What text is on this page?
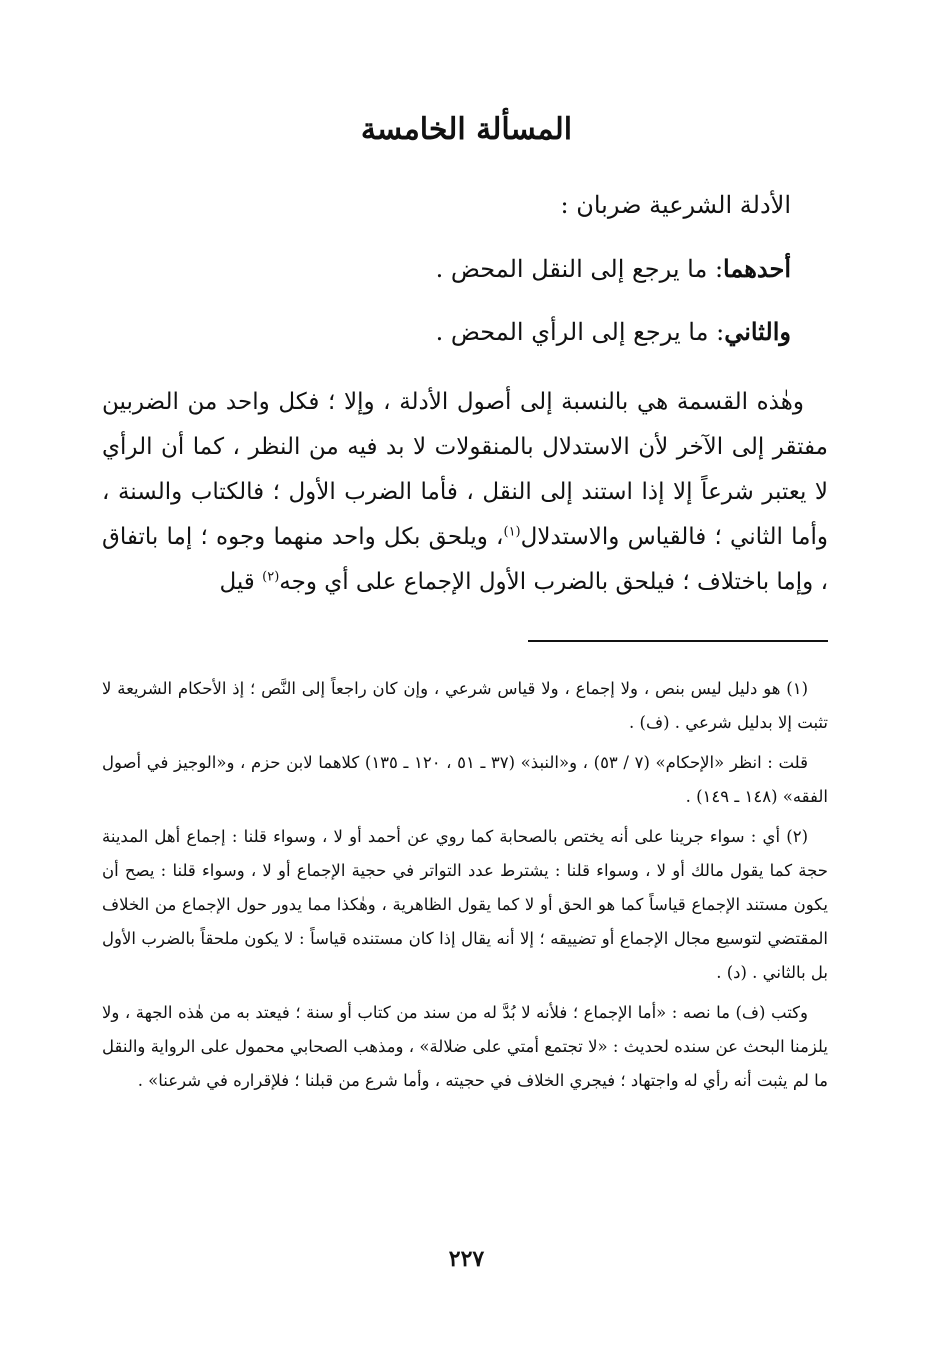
المسألة الخامسة

الأدلة الشرعية ضربان :

أحدهما: ما يرجع إلى النقل المحض .

والثاني: ما يرجع إلى الرأي المحض .

وهٰذه القسمة هي بالنسبة إلى أصول الأدلة ، وإلا ؛ فكل واحد من الضربين مفتقر إلى الآخر لأن الاستدلال بالمنقولات لا بد فيه من النظر ، كما أن الرأي لا يعتبر شرعاً إلا إذا استند إلى النقل ، فأما الضرب الأول ؛ فالكتاب والسنة ، وأما الثاني ؛ فالقياس والاستدلال$^{(١)}$، ويلحق بكل واحد منهما وجوه ؛ إما باتفاق ، وإما باختلاف ؛ فيلحق بالضرب الأول الإجماع على أي وجه$^{(٢)}$ قيل

(١) هو دليل ليس بنص ، ولا إجماع ، ولا قياس شرعي ، وإن كان راجعاً إلى النَّص ؛ إذ الأحكام الشريعة لا تثبت إلا بدليل شرعي . (ف) .

قلت : انظر «الإحكام» (٧ / ٥٣) ، و«النبذ» (٣٧ ـ ٥١ ، ١٢٠ ـ ١٣٥) كلاهما لابن حزم ، و«الوجيز في أصول الفقه» (١٤٨ ـ ١٤٩) .

(٢) أي : سواء جرينا على أنه يختص بالصحابة كما روي عن أحمد أو لا ، وسواء قلنا : إجماع أهل المدينة حجة كما يقول مالك أو لا ، وسواء قلنا : يشترط عدد التواتر في حجية الإجماع أو لا ، وسواء قلنا : يصح أن يكون مستند الإجماع قياساً كما هو الحق أو لا كما يقول الظاهرية ، وهٰكذا مما يدور حول الإجماع من الخلاف المقتضي لتوسيع مجال الإجماع أو تضييقه ؛ إلا أنه يقال إذا كان مستنده قياساً : لا يكون ملحقاً بالضرب الأول بل بالثاني . (د) .

وكتب (ف) ما نصه : «أما الإجماع ؛ فلأنه لا بُدَّ له من سند من كتاب أو سنة ؛ فيعتد به من هٰذه الجهة ، ولا يلزمنا البحث عن سنده لحديث : «لا تجتمع أمتي على ضلالة» ، ومذهب الصحابي محمول على الرواية والنقل ما لم يثبت أنه رأي له واجتهاد ؛ فيجري الخلاف في حجيته ، وأما شرع من قبلنا ؛ فلإقراره في شرعنا» .

٢٢٧
